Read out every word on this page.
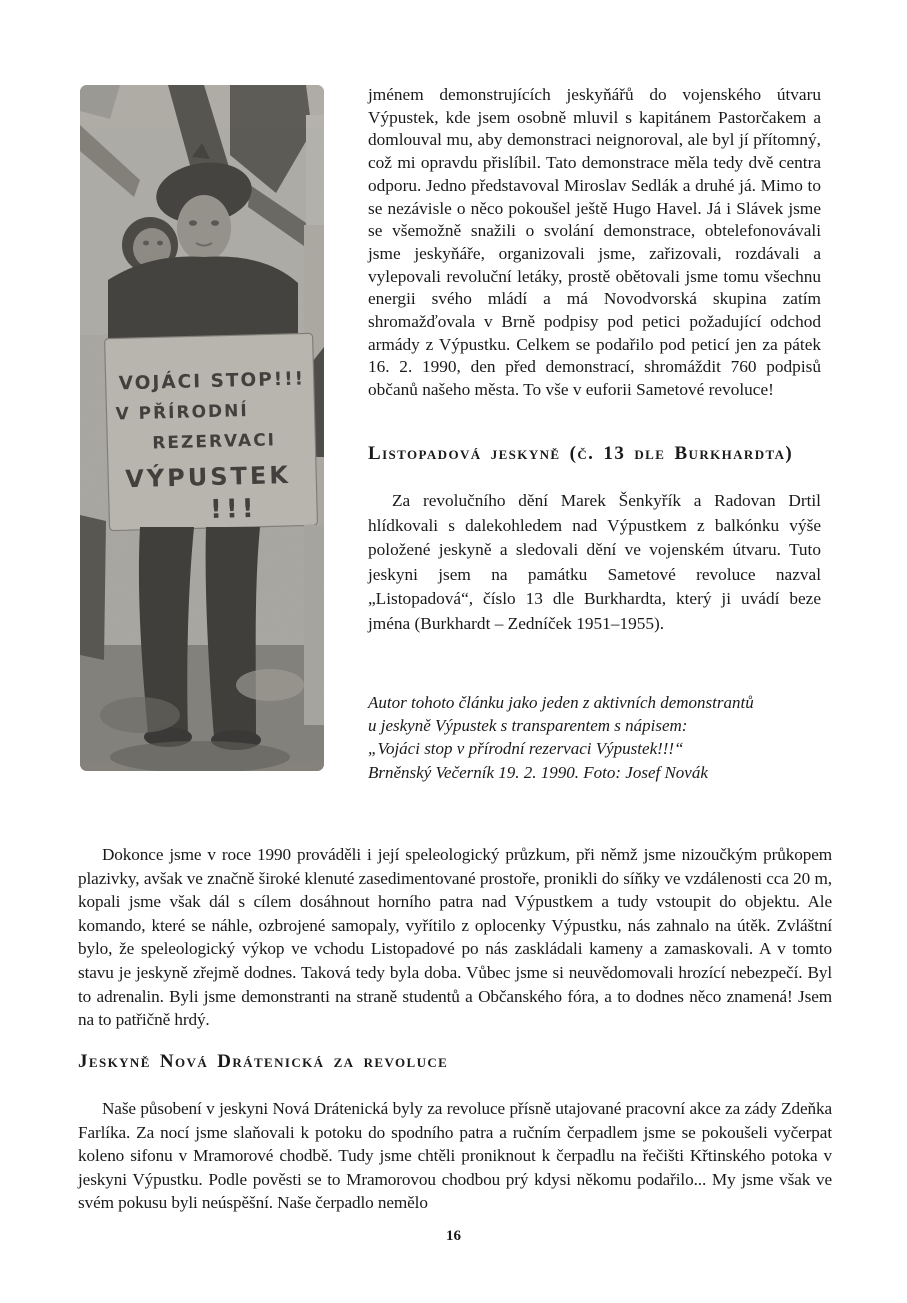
VOJÁCI STOP!!!
V PŘÍRODNÍ
REZERVACI
VÝPUSTEK
!!!
jménem demonstrujících jeskyňářů do vojenského útvaru Výpustek, kde jsem osobně mluvil s kapitánem Pastorčakem a domlouval mu, aby demonstraci neignoroval, ale byl jí přítomný, což mi opravdu přislíbil. Tato demonstrace měla tedy dvě centra odporu. Jedno představoval Miroslav Sedlák a druhé já. Mimo to se nezávisle o něco pokoušel ještě Hugo Havel. Já i Slávek jsme se všemožně snažili o svolání demonstrace, obtelefonovávali jsme jeskyňáře, organizovali jsme, zařizovali, rozdávali a vylepovali revoluční letáky, prostě obětovali jsme tomu všechnu energii svého mládí a má Novodvorská skupina zatím shromažďovala v Brně podpisy pod petici požadující odchod armády z Výpustku. Celkem se podařilo pod peticí jen za pátek 16. 2. 1990, den před demonstrací, shromáždit 760 podpisů občanů našeho města. To vše v euforii Sametové revoluce!
Listopadová jeskyně (č. 13 dle Burkhardta)
Za revolučního dění Marek Šenkyřík a Radovan Drtil hlídkovali s dalekohledem nad Výpustkem z balkónku výše položené jeskyně a sledovali dění ve vojenském útvaru. Tuto jeskyni jsem na památku Sametové revoluce nazval „Listopadová“, číslo 13 dle Burkhardta, který ji uvádí beze jména (Burkhardt – Zedníček 1951–1955).
Autor tohoto článku jako jeden z aktivních demonstrantů
u jeskyně Výpustek s transparentem s nápisem:
„Vojáci stop v přírodní rezervaci Výpustek!!!“
Brněnský Večerník 19. 2. 1990. Foto: Josef Novák
Dokonce jsme v roce 1990 prováděli i její speleologický průzkum, při němž jsme nizoučkým průkopem plazivky, avšak ve značně široké klenuté zasedimentované prostoře, pronikli do síňky ve vzdálenosti cca 20 m, kopali jsme však dál s cílem dosáhnout horního patra nad Výpustkem a tudy vstoupit do objektu. Ale komando, které se náhle, ozbrojené samopaly, vyřítilo z oplocenky Výpustku, nás zahnalo na útěk. Zvláštní bylo, že speleologický výkop ve vchodu Listopadové po nás zaskládali kameny a zamaskovali. A v tomto stavu je jeskyně zřejmě dodnes. Taková tedy byla doba. Vůbec jsme si neuvědomovali hrozící nebezpečí. Byl to adrenalin. Byli jsme demonstranti na straně studentů a Občanského fóra, a to dodnes něco znamená! Jsem na to patřičně hrdý.
Jeskyně Nová Drátenická za revoluce
Naše působení v jeskyni Nová Drátenická byly za revoluce přísně utajované pracovní akce za zády Zdeňka Farlíka. Za nocí jsme slaňovali k potoku do spodního patra a ručním čerpadlem jsme se pokoušeli vyčerpat koleno sifonu v Mramorové chodbě. Tudy jsme chtěli proniknout k čerpadlu na řečišti Křtinského potoka v jeskyni Výpustku. Podle pověsti se to Mramorovou chodbou prý kdysi někomu podařilo... My jsme však ve svém pokusu byli neúspěšní. Naše čerpadlo nemělo
16
